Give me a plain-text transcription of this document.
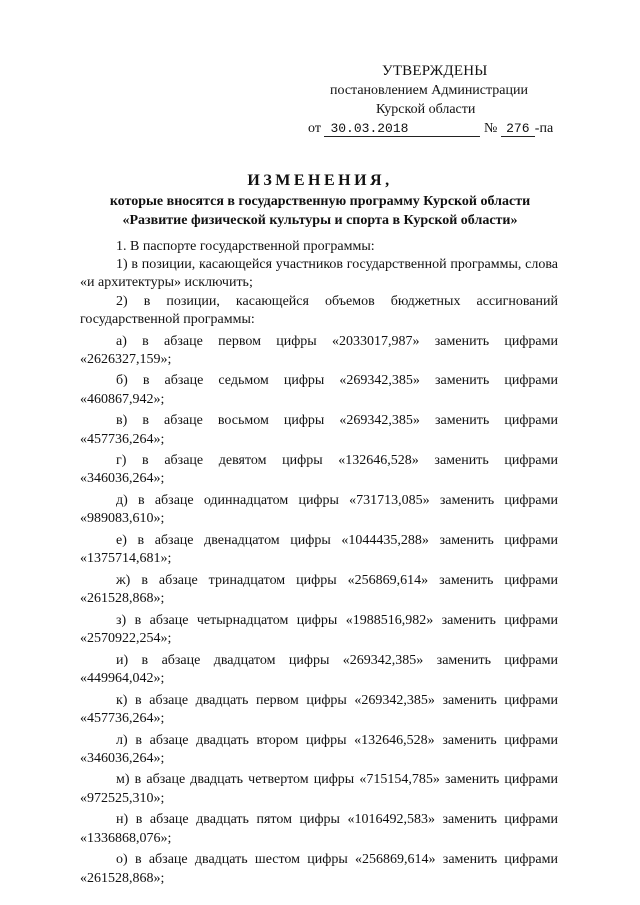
УТВЕРЖДЕНЫ
постановлением Администрации
Курской области
от 30.03.2018	№ 276 -па
ИЗМЕНЕНИЯ,
которые вносятся в государственную программу Курской области
«Развитие физической культуры и спорта в Курской области»

1. В паспорте государственной программы:

1) в позиции, касающейся участников государственной программы, слова «и архитектуры» исключить;

2) в позиции, касающейся объемов бюджетных ассигнований государственной программы:

а) в абзаце первом цифры «2033017,987» заменить цифрами «2626327,159»;

б) в абзаце седьмом цифры «269342,385» заменить цифрами «460867,942»;

в) в абзаце восьмом цифры «269342,385» заменить цифрами «457736,264»;

г) в абзаце девятом цифры «132646,528» заменить цифрами «346036,264»;

д) в абзаце одиннадцатом цифры «731713,085» заменить цифрами «989083,610»;

е) в абзаце двенадцатом цифры «1044435,288» заменить цифрами «1375714,681»;

ж) в абзаце тринадцатом цифры «256869,614» заменить цифрами «261528,868»;

з) в абзаце четырнадцатом цифры «1988516,982» заменить цифрами «2570922,254»;

и) в абзаце двадцатом цифры «269342,385» заменить цифрами «449964,042»;

к) в абзаце двадцать первом цифры «269342,385» заменить цифрами «457736,264»;

л) в абзаце двадцать втором цифры «132646,528» заменить цифрами «346036,264»;

м) в абзаце двадцать четвертом цифры «715154,785» заменить цифрами «972525,310»;

н) в абзаце двадцать пятом цифры «1016492,583» заменить цифрами «1336868,076»;

о) в абзаце двадцать шестом цифры «256869,614» заменить цифрами «261528,868»;
